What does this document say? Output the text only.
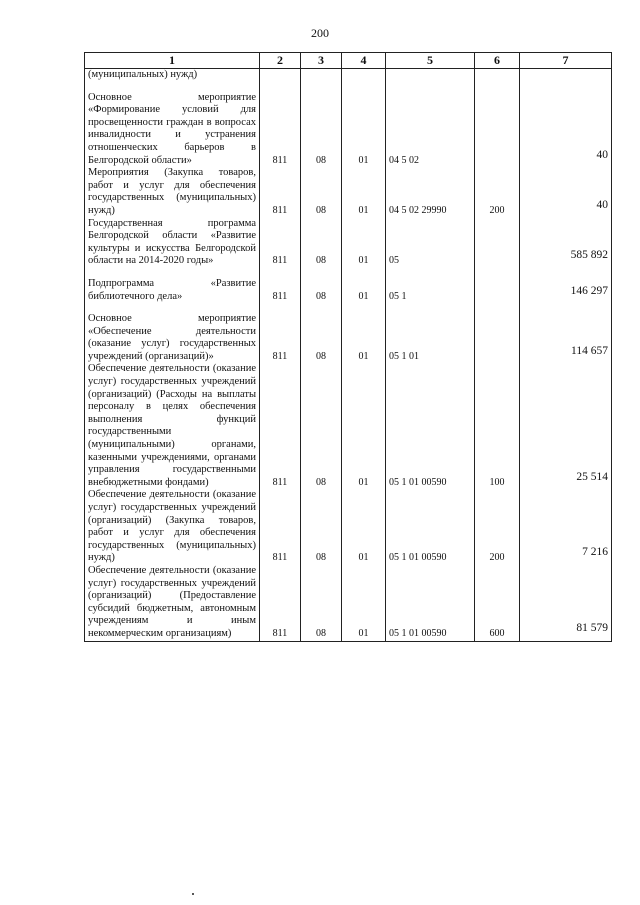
200
1	2	3	4	5	6	7
(муниципальных) нужд)						
Основное мероприятие «Формирование условий для просвещенности граждан в вопросах инвалидности и устранения отношенческих барьеров в Белгородской области»	811	08	01	04 5 02		40
Мероприятия (Закупка товаров, работ и услуг для обеспечения государственных (муниципальных) нужд)	811	08	01	04 5 02 29990	200	40
Государственная программа Белгородской области «Развитие культуры и искусства Белгородской области на 2014-2020 годы»	811	08	01	05		585 892
Подпрограмма «Развитие библиотечного дела»	811	08	01	05 1		146 297
Основное мероприятие «Обеспечение деятельности (оказание услуг) государственных учреждений (организаций)»	811	08	01	05 1 01		114 657
Обеспечение деятельности (оказание услуг) государственных учреждений (организаций) (Расходы на выплаты персоналу в целях обеспечения выполнения функций государственными (муниципальными) органами, казенными учреждениями, органами управления государственными внебюджетными фондами)	811	08	01	05 1 01 00590	100	25 514
Обеспечение деятельности (оказание услуг) государственных учреждений (организаций) (Закупка товаров, работ и услуг для обеспечения государственных (муниципальных) нужд)	811	08	01	05 1 01 00590	200	7 216
Обеспечение деятельности (оказание услуг) государственных учреждений (организаций) (Предоставление субсидий бюджетным, автономным учреждениям и иным некоммерческим организациям)	811	08	01	05 1 01 00590	600	81 579
